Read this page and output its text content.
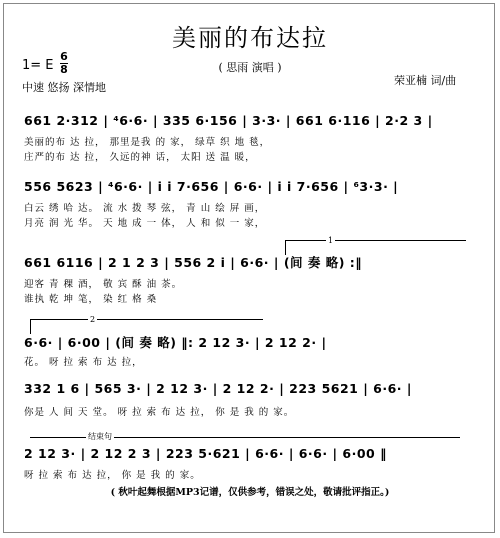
美丽的布达拉
( 思雨 演唱 )
1= E
6
8
中速 悠扬 深情地
荣亚楠 词/曲
661 2·312 | ⁴6·6· | 335 6·156 | 3·3· | 661 6·116 | 2·2 3 |
美丽的布 达 拉， 那里是我 的 家， 绿草 织 地 毯，
庄严的布 达 拉， 久远的神 话， 太阳 送 温 暖，
556 5623 | ⁴6·6· | i i 7·656 | 6·6· | i i 7·656 | ⁶3·3· |
白云 绣 哈 达。 流 水 拨 琴 弦， 青 山 绘 屏 画，
月亮 润 光 华。 天 地 成 一 体， 人 和 似 一 家，
1
661 6116 | 2 1 2 3 | 556 2 i | 6·6· | (间 奏 略) :‖
迎客 青 稞 酒， 敬 宾 酥 油 茶。
谁执 乾 坤 笔， 染 红 格 桑
2
6·6· | 6·00 | (间 奏 略) ‖: 2 12 3· | 2 12 2· |
花。 呀 拉 索 布 达 拉，
332 1 6 | 565 3· | 2 12 3· | 2 12 2· | 223 5621 | 6·6· |
你是 人 间 天 堂。 呀 拉 索 布 达 拉， 你 是 我 的 家。
结束句
2 12 3· | 2 12 2 3 | 223 5·621 | 6·6· | 6·6· | 6·00 ‖
呀 拉 索 布 达 拉， 你 是 我 的 家。
( 秋叶起舞根据MP3记谱，仅供参考，错误之处，敬请批评指正。)
